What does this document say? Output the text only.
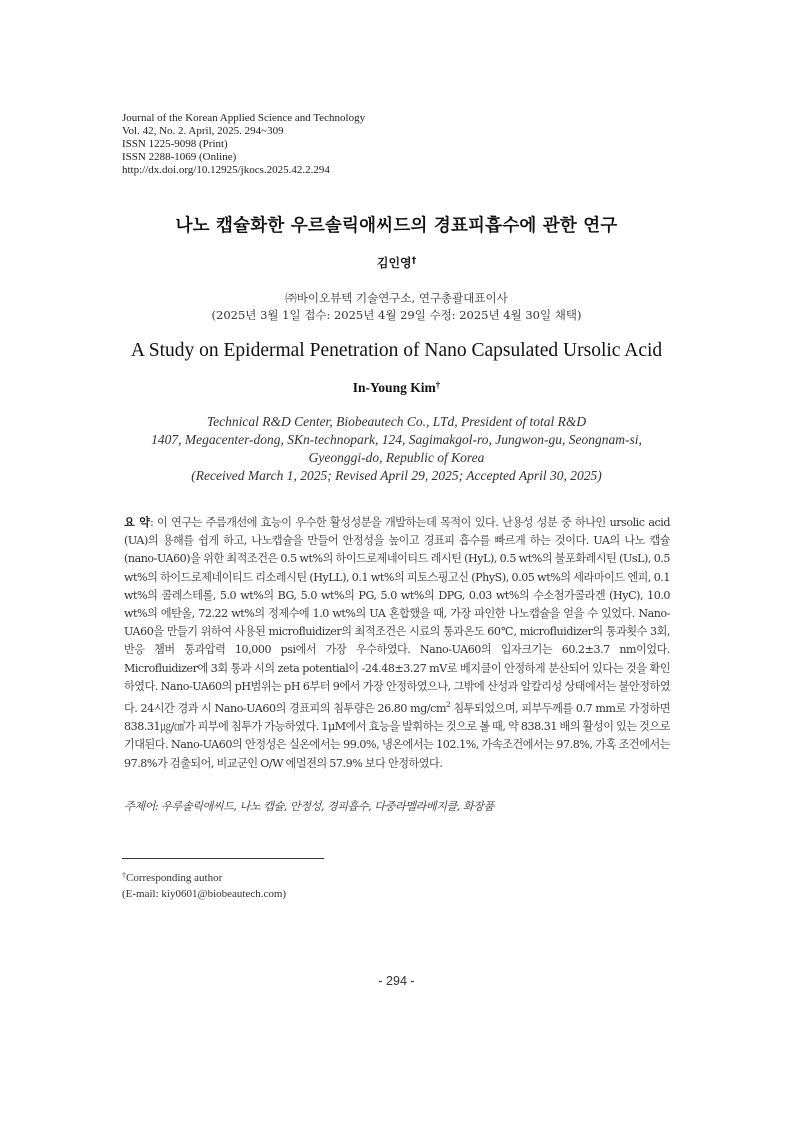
Journal of the Korean Applied Science and Technology
Vol. 42, No. 2. April, 2025. 294~309
ISSN 1225-9098 (Print)
ISSN 2288-1069 (Online)
http://dx.doi.org/10.12925/jkocs.2025.42.2.294
나노 캡슐화한 우르솔릭애씨드의 경표피흡수에 관한 연구
김인영†
㈜바이오뷰텍 기술연구소, 연구총괄대표이사
(2025년 3월 1일 접수: 2025년 4월 29일 수정: 2025년 4월 30일 채택)
A Study on Epidermal Penetration of Nano Capsulated Ursolic Acid
In-Young Kim†
Technical R&D Center, Biobeautech Co., LTd, President of total R&D
1407, Megacenter-dong, SKn-technopark, 124, Sagimakgol-ro, Jungwon-gu, Seongnam-si,
Gyeonggi-do, Republic of Korea
(Received March 1, 2025; Revised April 29, 2025; Accepted April 30, 2025)
요 약: 이 연구는 주름개선에 효능이 우수한 활성성분을 개발하는데 목적이 있다. 난용성 성분 중 하나인 ursolic acid (UA)의 용해를 쉽게 하고, 나노캡슐을 만들어 안정성을 높이고 경표피 흡수를 빠르게 하는 것이다. UA의 나노 캡슐(nano-UA60)을 위한 최적조건은 0.5 wt%의 하이드로제네이티드 레시틴 (HyL), 0.5 wt%의 불포화레시틴 (UsL), 0.5 wt%의 하이드로제네이티드 리소레시틴 (HyLL), 0.1 wt%의 피토스핑고신 (PhyS), 0.05 wt%의 세라마이드 엔피, 0.1 wt%의 콜레스테롤, 5.0 wt%의 BG, 5.0 wt%의 PG, 5.0 wt%의 DPG, 0.03 wt%의 수소첨가콜라겐 (HyC), 10.0 wt%의 에탄올, 72.22 wt%의 정제수에 1.0 wt%의 UA 혼합했을 때, 가장 파인한 나노캡슐을 얻을 수 있었다. Nano-UA60을 만들기 위하여 사용된 microfluidizer의 최적조건은 시료의 통과온도 60℃, microfluidizer의 통과횟수 3회, 반응 챔버 통과압력 10,000 psi에서 가장 우수하였다. Nano-UA60의 입자크기는 60.2±3.7 nm이었다. Microfluidizer에 3회 통과 시의 zeta potential이 -24.48±3.27 mV로 베지클이 안정하게 분산되어 있다는 것을 확인하였다. Nano-UA60의 pH범위는 pH 6부터 9에서 가장 안정하였으나, 그밖에 산성과 알칼리성 상태에서는 불안정하였다. 24시간 경과 시 Nano-UA60의 경표피의 침투량은 26.80 $mg/cm^2$ 침투되었으며, 피부두께를 0.7 mm로 가정하면 838.31㎍/㎤가 피부에 침투가 가능하였다. 1μM에서 효능을 발휘하는 것으로 볼 때, 약 838.31 배의 활성이 있는 것으로 기대된다. Nano-UA60의 안정성은 실온에서는 99.0%, 냉온에서는 102.1%, 가속조건에서는 97.8%, 가혹 조건에서는 97.8%가 검출되어, 비교군인 O/W 에멀젼의 57.9% 보다 안정하였다.
주제어: 우루솔릭애씨드, 나노 캡슐, 안정성, 경피흡수, 다중라멜라베지클, 화장품
†Corresponding author
(E-mail: kiy0601@biobeautech.com)
- 294 -
